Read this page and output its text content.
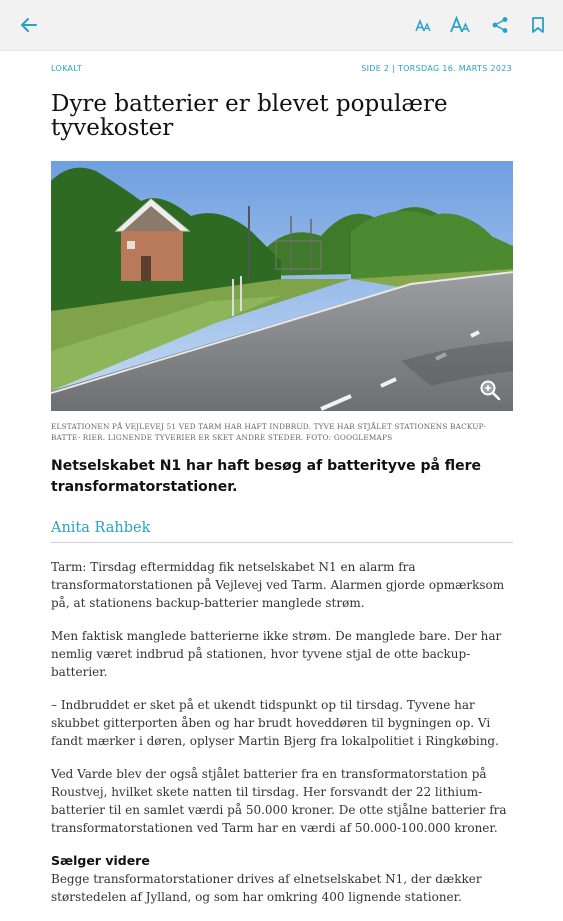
LOKALT	SIDE 2 | TORSDAG 16. MARTS 2023
Dyre batterier er blevet populære tyvekoster
ELSTATIONEN PÅ VEJLEVEJ 51 VED TARM HAR HAFT INDBRUD. TYVE HAR STJÅLET STATIONENS BACKUP-BATTE- RIER. LIGNENDE TYVERIER ER SKET ANDRE STEDER. FOTO: GOOGLEMAPS
Netselskabet N1 har haft besøg af batterityve på flere transformatorstationer.
Anita Rahbek

Tarm: Tirsdag eftermiddag fik netselskabet N1 en alarm fra transformatorstationen på Vejlevej ved Tarm. Alarmen gjorde opmærksom på, at stationens backup-batterier manglede strøm.

Men faktisk manglede batterierne ikke strøm. De manglede bare. Der har nemlig været indbrud på stationen, hvor tyvene stjal de otte backup-batterier.

– Indbruddet er sket på et ukendt tidspunkt op til tirsdag. Tyvene har skubbet gitterporten åben og har brudt hoveddøren til bygningen op. Vi fandt mærker i døren, oplyser Martin Bjerg fra lokalpolitiet i Ringkøbing.

Ved Varde blev der også stjålet batterier fra en transformatorstation på Roustvej, hvilket skete natten til tirsdag. Her forsvandt der 22 lithium-batterier til en samlet værdi på 50.000 kroner. De otte stjålne batterier fra transformatorstationen ved Tarm har en værdi af 50.000-100.000 kroner.

Sælger videre

Begge transformatorstationer drives af elnetselskabet N1, der dækker størstedelen af Jylland, og som har omkring 400 lignende stationer.
